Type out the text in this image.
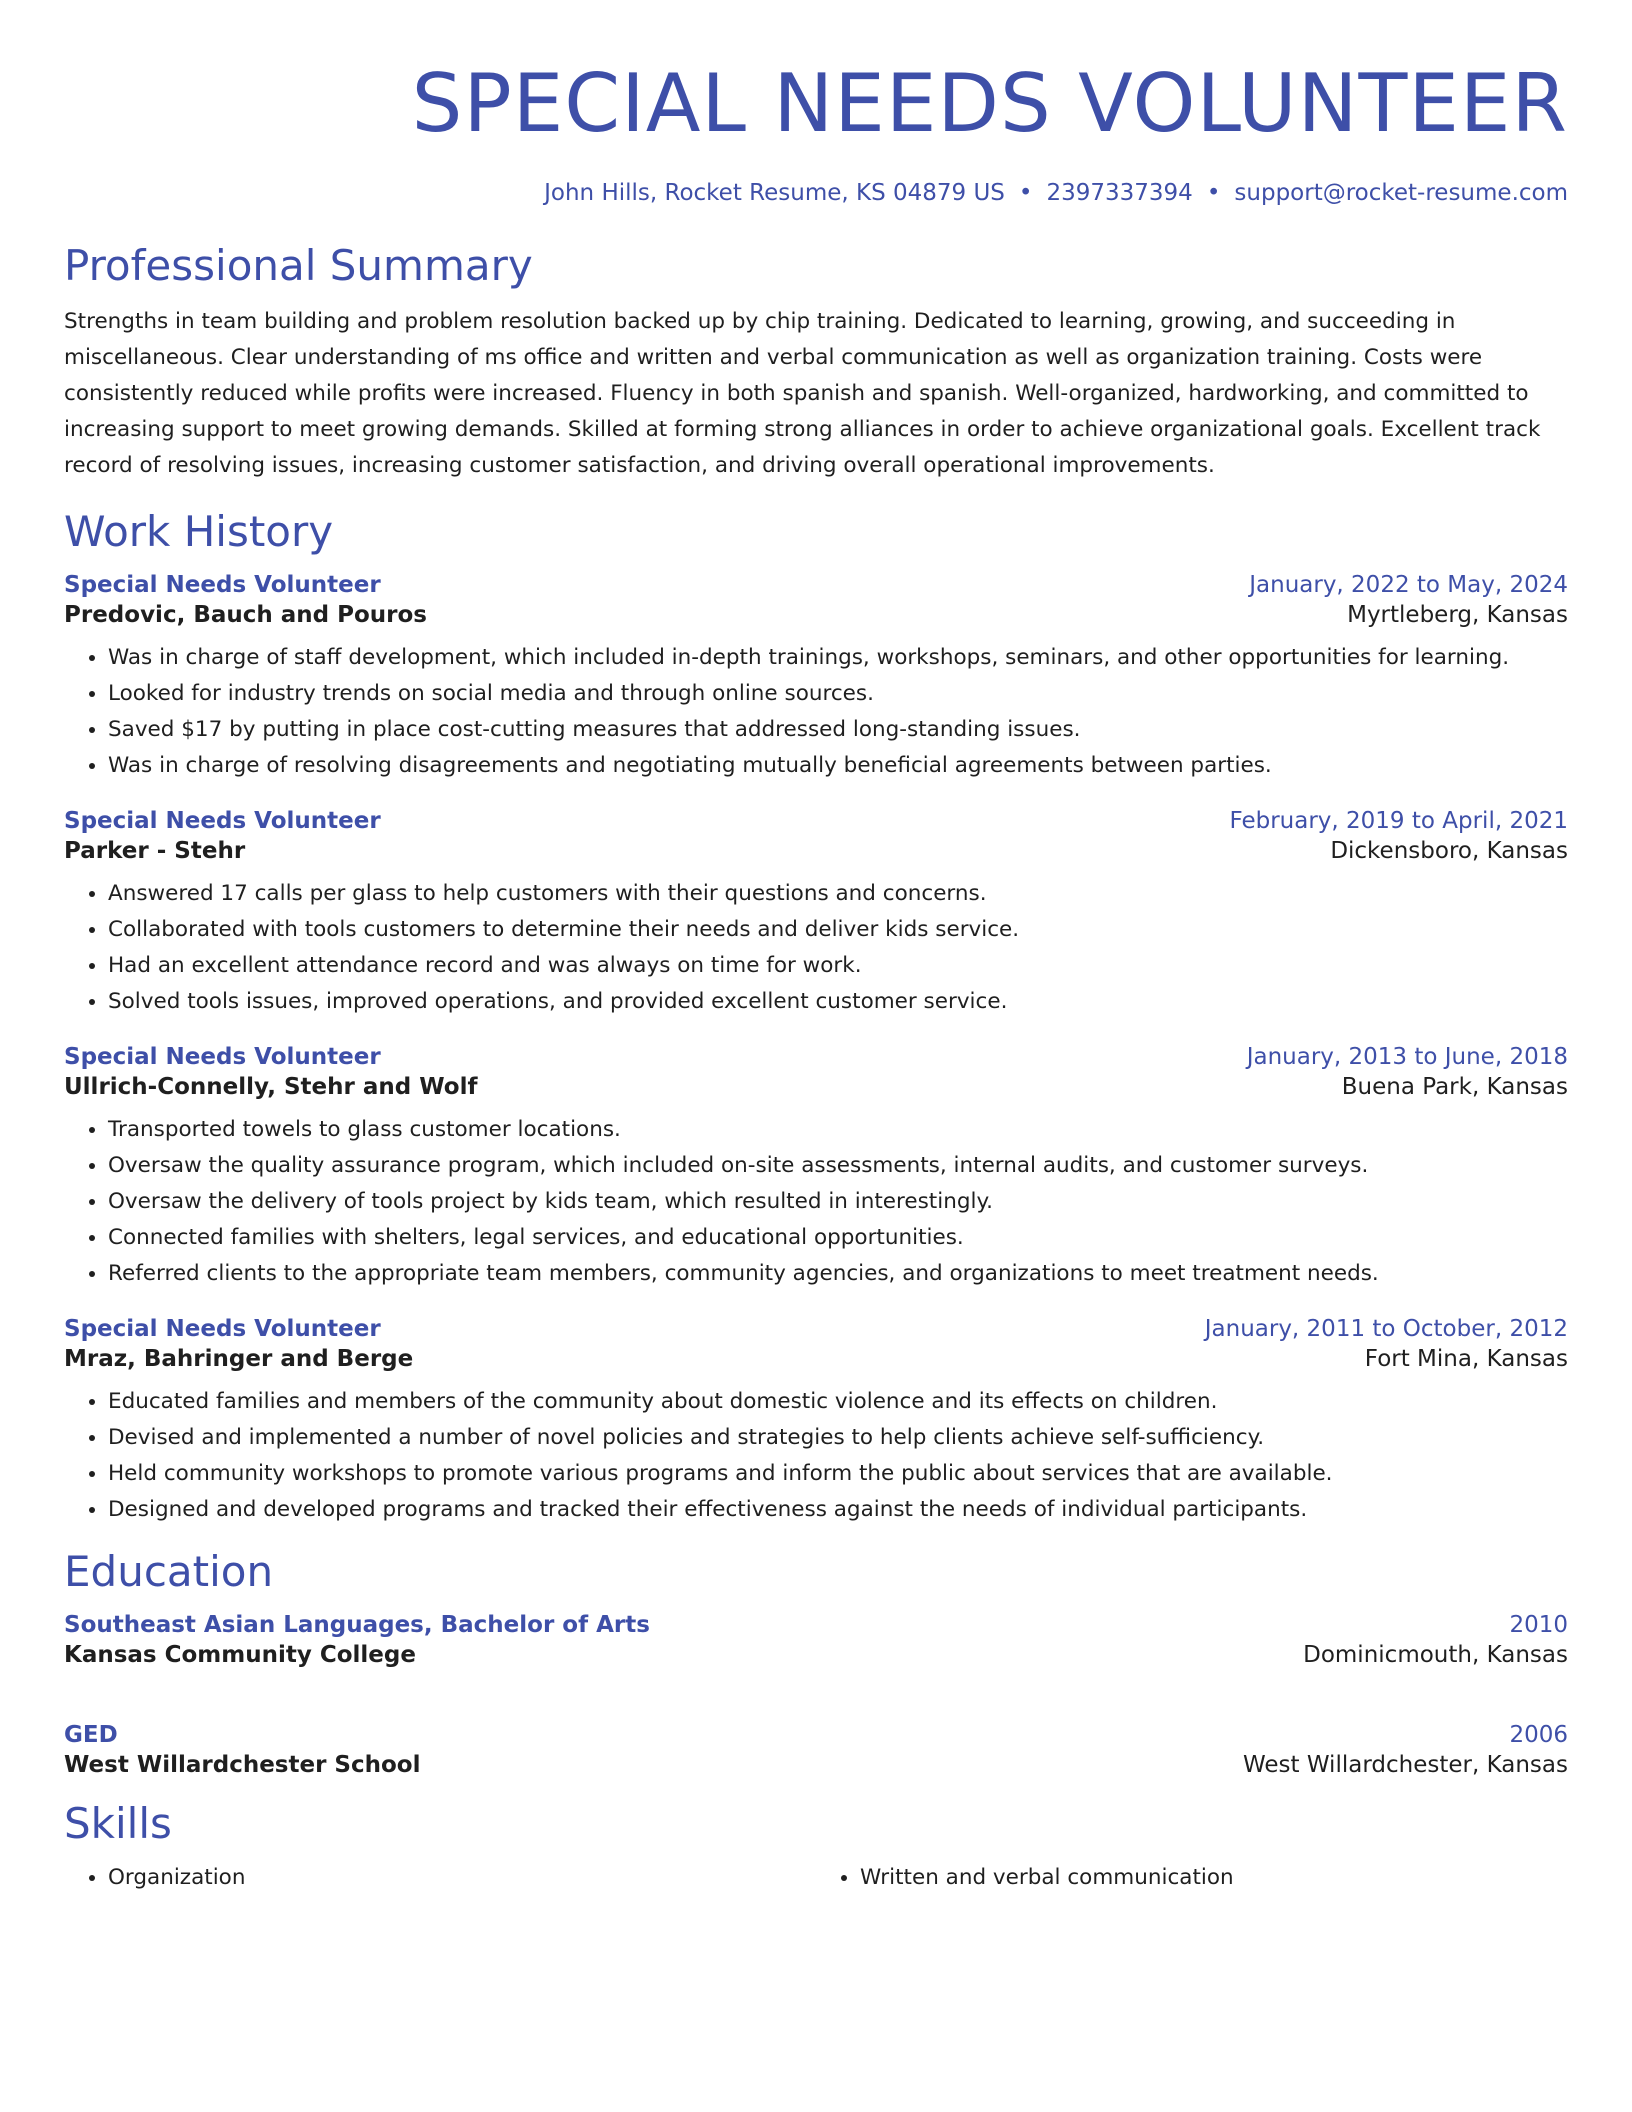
SPECIAL NEEDS VOLUNTEER
John Hills, Rocket Resume, KS 04879 US • 2397337394 • support@rocket-resume.com
Professional Summary

Strengths in team building and problem resolution backed up by chip training. Dedicated to learning, growing, and succeeding in miscellaneous. Clear understanding of ms office and written and verbal communication as well as organization training. Costs were consistently reduced while profits were increased. Fluency in both spanish and spanish. Well-organized, hardworking, and committed to increasing support to meet growing demands. Skilled at forming strong alliances in order to achieve organizational goals. Excellent track record of resolving issues, increasing customer satisfaction, and driving overall operational improvements.

Work History
Special Needs Volunteer	January, 2022 to May, 2024
Predovic, Bauch and Pouros	Myrtleberg, Kansas
• Was in charge of staff development, which included in-depth trainings, workshops, seminars, and other opportunities for learning.
• Looked for industry trends on social media and through online sources.
• Saved $17 by putting in place cost-cutting measures that addressed long-standing issues.
• Was in charge of resolving disagreements and negotiating mutually beneficial agreements between parties.
Special Needs Volunteer	February, 2019 to April, 2021
Parker - Stehr	Dickensboro, Kansas
• Answered 17 calls per glass to help customers with their questions and concerns.
• Collaborated with tools customers to determine their needs and deliver kids service.
• Had an excellent attendance record and was always on time for work.
• Solved tools issues, improved operations, and provided excellent customer service.
Special Needs Volunteer	January, 2013 to June, 2018
Ullrich-Connelly, Stehr and Wolf	Buena Park, Kansas
• Transported towels to glass customer locations.
• Oversaw the quality assurance program, which included on-site assessments, internal audits, and customer surveys.
• Oversaw the delivery of tools project by kids team, which resulted in interestingly.
• Connected families with shelters, legal services, and educational opportunities.
• Referred clients to the appropriate team members, community agencies, and organizations to meet treatment needs.
Special Needs Volunteer	January, 2011 to October, 2012
Mraz, Bahringer and Berge	Fort Mina, Kansas
• Educated families and members of the community about domestic violence and its effects on children.
• Devised and implemented a number of novel policies and strategies to help clients achieve self-sufficiency.
• Held community workshops to promote various programs and inform the public about services that are available.
• Designed and developed programs and tracked their effectiveness against the needs of individual participants.
Education
Southeast Asian Languages, Bachelor of Arts	2010
Kansas Community College	Dominicmouth, Kansas
GED	2006
West Willardchester School	West Willardchester, Kansas
Skills
• Organization
•	Written and verbal communication
